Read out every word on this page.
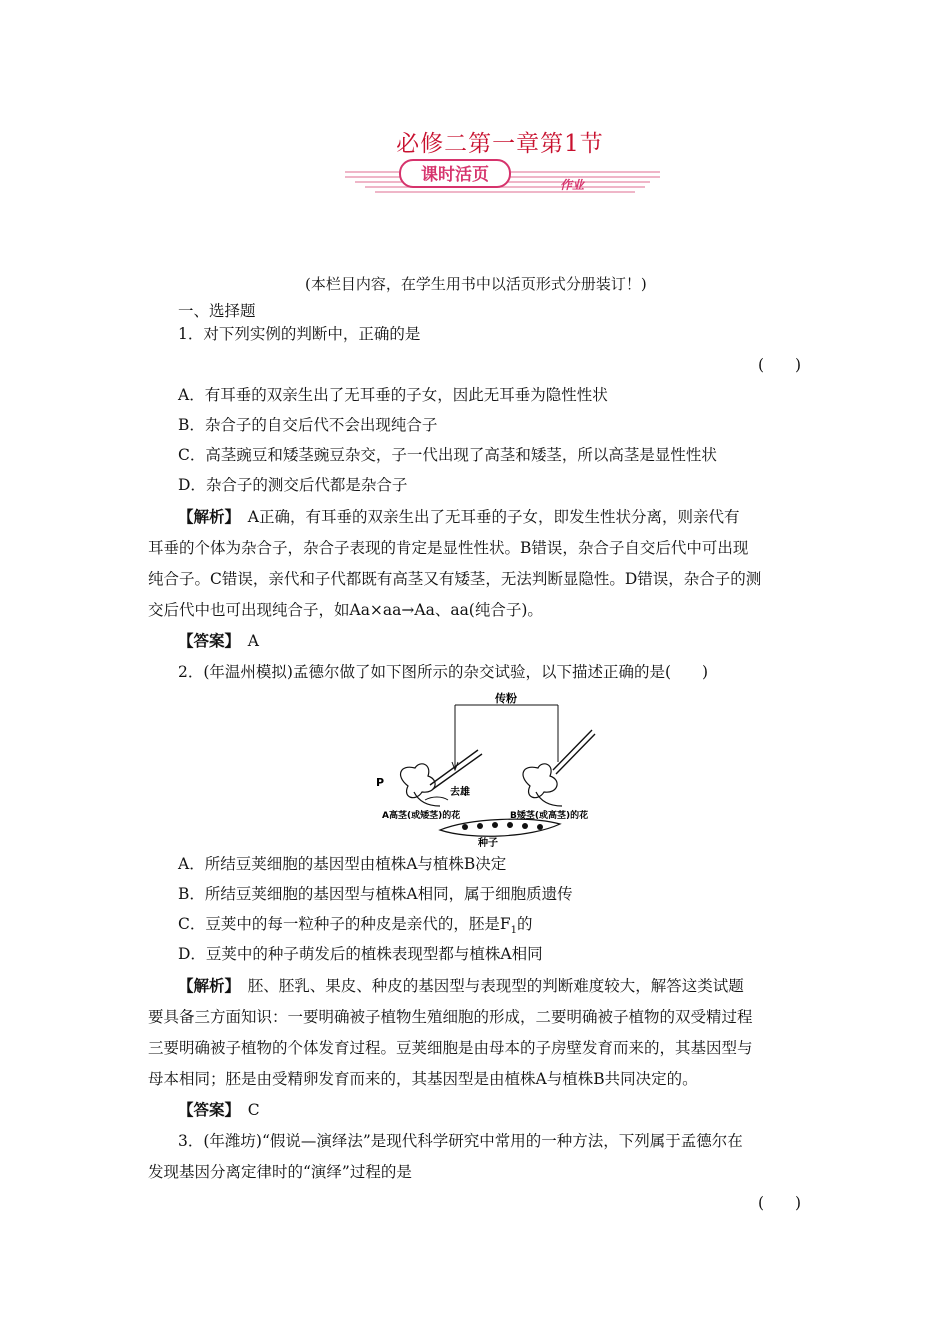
必修二第一章第1节
课时活页	作业
(本栏目内容，在学生用书中以活页形式分册装订！)
一、选择题
1．对下列实例的判断中，正确的是
(　　)
A．有耳垂的双亲生出了无耳垂的子女，因此无耳垂为隐性性状
B．杂合子的自交后代不会出现纯合子
C．高茎豌豆和矮茎豌豆杂交，子一代出现了高茎和矮茎，所以高茎是显性性状
D．杂合子的测交后代都是杂合子
【解析】　A正确，有耳垂的双亲生出了无耳垂的子女，即发生性状分离，则亲代有
耳垂的个体为杂合子，杂合子表现的肯定是显性性状。B错误，杂合子自交后代中可出现
纯合子。C错误，亲代和子代都既有高茎又有矮茎，无法判断显隐性。D错误，杂合子的测
交后代中也可出现纯合子，如Aa×aa→Aa、aa(纯合子)。
【答案】　 A
2．(年温州模拟)孟德尔做了如下图所示的杂交试验，以下描述正确的是(　　)
传粉
P
去雄
A高茎(或矮茎)的花	B矮茎(或高茎)的花
种子
A．所结豆荚细胞的基因型由植株A与植株B决定
B．所结豆荚细胞的基因型与植株A相同，属于细胞质遗传
C．豆荚中的每一粒种子的种皮是亲代的，胚是$F_1$的
D．豆荚中的种子萌发后的植株表现型都与植株A相同
【解析】　胚、胚乳、果皮、种皮的基因型与表现型的判断难度较大，解答这类试题
要具备三方面知识：一要明确被子植物生殖细胞的形成，二要明确被子植物的双受精过程
三要明确被子植物的个体发育过程。豆荚细胞是由母本的子房壁发育而来的，其基因型与
母本相同；胚是由受精卵发育而来的，其基因型是由植株A与植株B共同决定的。
【答案】　 C
3．(年潍坊)“假说—演绎法”是现代科学研究中常用的一种方法，下列属于孟德尔在
发现基因分离定律时的“演绎”过程的是
(　　)
